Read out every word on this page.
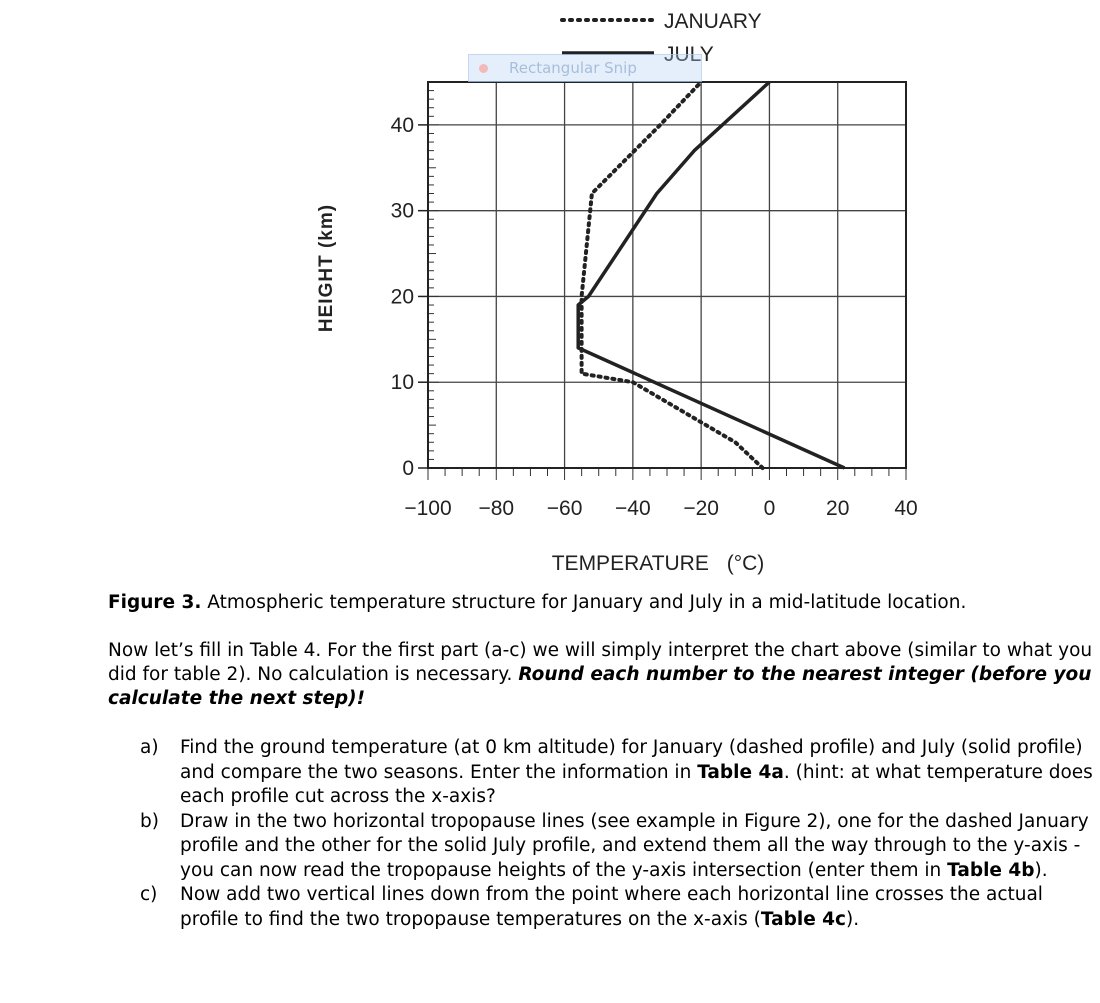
0
10
20
30
40
−100 −80 −60 −40 −20 0 20 40
JANUARY
JULY
HEIGHT (km)
TEMPERATURE (°C)
Rectangular Snip
Figure 3. Atmospheric temperature structure for January and July in a mid-latitude location.
Now let’s fill in Table 4. For the first part (a-c) we will simply interpret the chart above (similar to what you did for table 2). No calculation is necessary. Round each number to the nearest integer (before you calculate the next step)!
a) Find the ground temperature (at 0 km altitude) for January (dashed profile) and July (solid profile) and compare the two seasons. Enter the information in Table 4a. (hint: at what temperature does each profile cut across the x-axis?
b) Draw in the two horizontal tropopause lines (see example in Figure 2), one for the dashed January profile and the other for the solid July profile, and extend them all the way through to the y-axis - you can now read the tropopause heights of the y-axis intersection (enter them in Table 4b).
c) Now add two vertical lines down from the point where each horizontal line crosses the actual profile to find the two tropopause temperatures on the x-axis (Table 4c).
